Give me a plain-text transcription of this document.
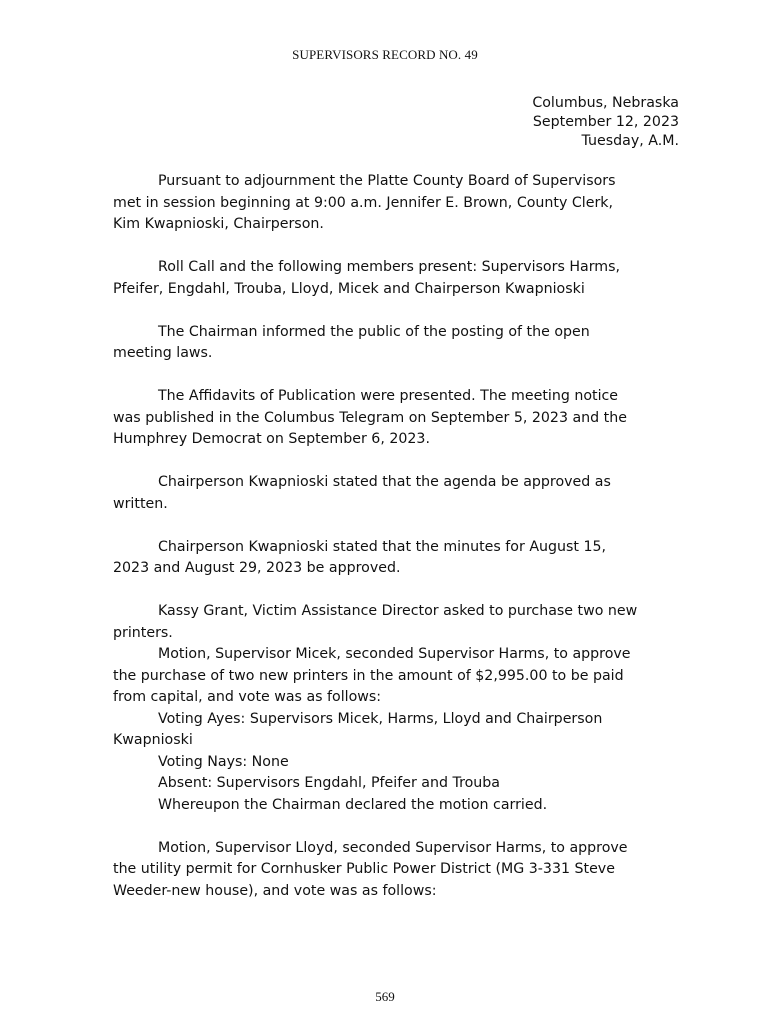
SUPERVISORS RECORD NO. 49
Columbus, Nebraska
September 12, 2023
Tuesday, A.M.

Pursuant to adjournment the Platte County Board of Supervisors
met in session beginning at 9:00 a.m. Jennifer E. Brown, County Clerk,
Kim Kwapnioski, Chairperson.

Roll Call and the following members present: Supervisors Harms,
Pfeifer, Engdahl, Trouba, Lloyd, Micek and Chairperson Kwapnioski

The Chairman informed the public of the posting of the open
meeting laws.

The Affidavits of Publication were presented. The meeting notice
was published in the Columbus Telegram on September 5, 2023 and the
Humphrey Democrat on September 6, 2023.

Chairperson Kwapnioski stated that the agenda be approved as
written.

Chairperson Kwapnioski stated that the minutes for August 15,
2023 and August 29, 2023 be approved.

Kassy Grant, Victim Assistance Director asked to purchase two new
printers.

Motion, Supervisor Micek, seconded Supervisor Harms, to approve
the purchase of two new printers in the amount of $2,995.00 to be paid
from capital, and vote was as follows:

Voting Ayes: Supervisors Micek, Harms, Lloyd and Chairperson
Kwapnioski

Voting Nays: None

Absent: Supervisors Engdahl, Pfeifer and Trouba

Whereupon the Chairman declared the motion carried.

Motion, Supervisor Lloyd, seconded Supervisor Harms, to approve
the utility permit for Cornhusker Public Power District (MG 3-331 Steve
Weeder-new house), and vote was as follows:

569
